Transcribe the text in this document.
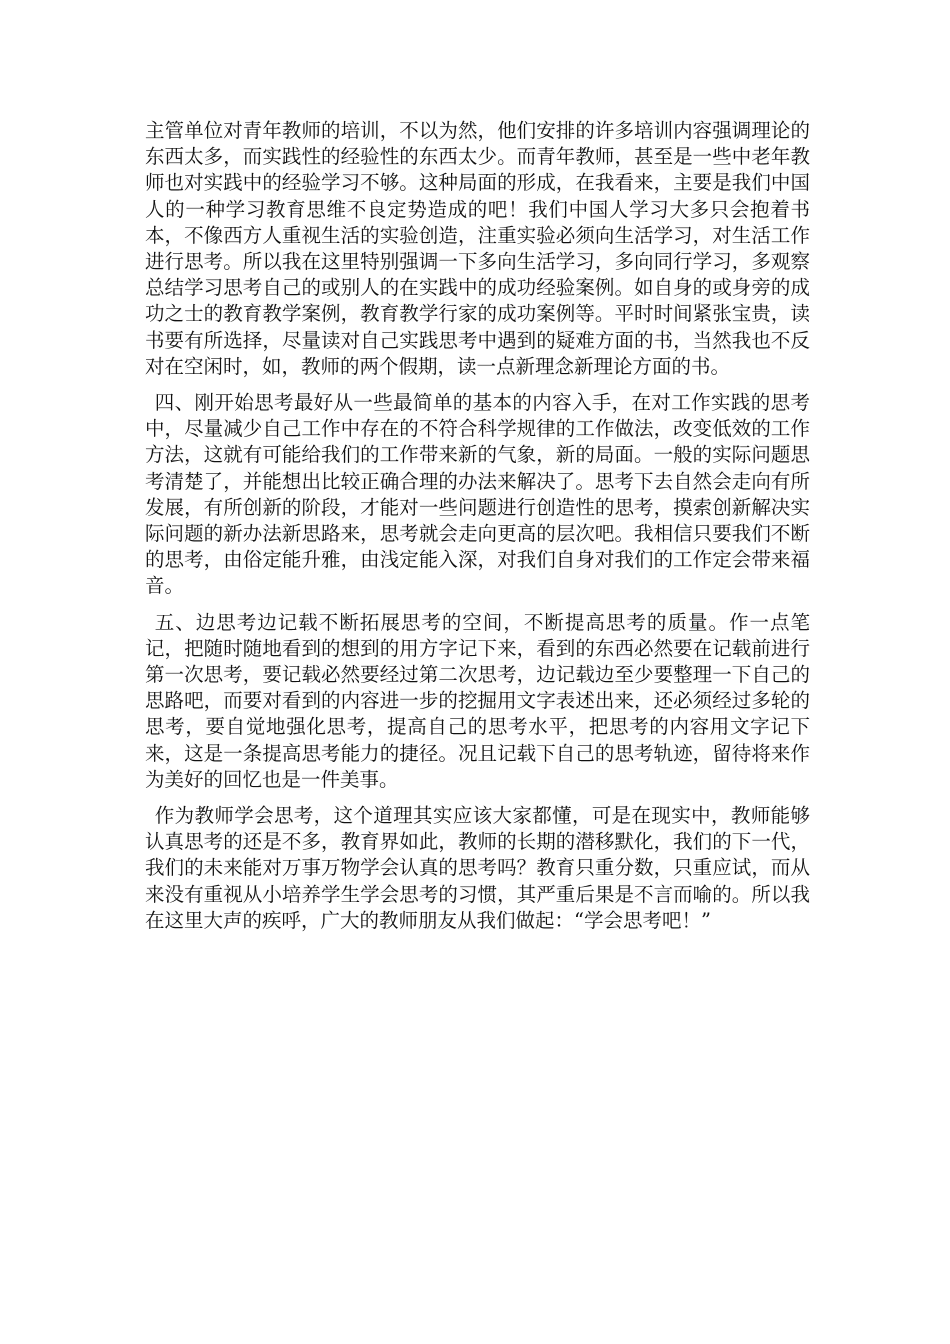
主管单位对青年教师的培训，不以为然，他们安排的许多培训内容强调理论的东西太多，而实践性的经验性的东西太少。而青年教师，甚至是一些中老年教师也对实践中的经验学习不够。这种局面的形成，在我看来，主要是我们中国人的一种学习教育思维不良定势造成的吧！我们中国人学习大多只会抱着书本，不像西方人重视生活的实验创造，注重实验必须向生活学习，对生活工作进行思考。所以我在这里特别强调一下多向生活学习，多向同行学习，多观察总结学习思考自己的或别人的在实践中的成功经验案例。如自身的或身旁的成功之士的教育教学案例，教育教学行家的成功案例等。平时时间紧张宝贵，读书要有所选择，尽量读对自己实践思考中遇到的疑难方面的书，当然我也不反对在空闲时，如，教师的两个假期，读一点新理念新理论方面的书。

四、刚开始思考最好从一些最简单的基本的内容入手，在对工作实践的思考中，尽量减少自己工作中存在的不符合科学规律的工作做法，改变低效的工作方法，这就有可能给我们的工作带来新的气象，新的局面。一般的实际问题思考清楚了，并能想出比较正确合理的办法来解决了。思考下去自然会走向有所发展，有所创新的阶段，才能对一些问题进行创造性的思考，摸索创新解决实际问题的新办法新思路来，思考就会走向更高的层次吧。我相信只要我们不断的思考，由俗定能升雅，由浅定能入深，对我们自身对我们的工作定会带来福音。

五、边思考边记载不断拓展思考的空间，不断提高思考的质量。作一点笔记，把随时随地看到的想到的用方字记下来，看到的东西必然要在记载前进行第一次思考，要记载必然要经过第二次思考，边记载边至少要整理一下自己的思路吧，而要对看到的内容进一步的挖掘用文字表述出来，还必须经过多轮的思考，要自觉地强化思考，提高自己的思考水平，把思考的内容用文字记下来，这是一条提高思考能力的捷径。况且记载下自己的思考轨迹，留待将来作为美好的回忆也是一件美事。

作为教师学会思考，这个道理其实应该大家都懂，可是在现实中，教师能够认真思考的还是不多，教育界如此，教师的长期的潜移默化，我们的下一代，我们的未来能对万事万物学会认真的思考吗？教育只重分数，只重应试，而从来没有重视从小培养学生学会思考的习惯，其严重后果是不言而喻的。所以我在这里大声的疾呼，广大的教师朋友从我们做起：“学会思考吧！”
